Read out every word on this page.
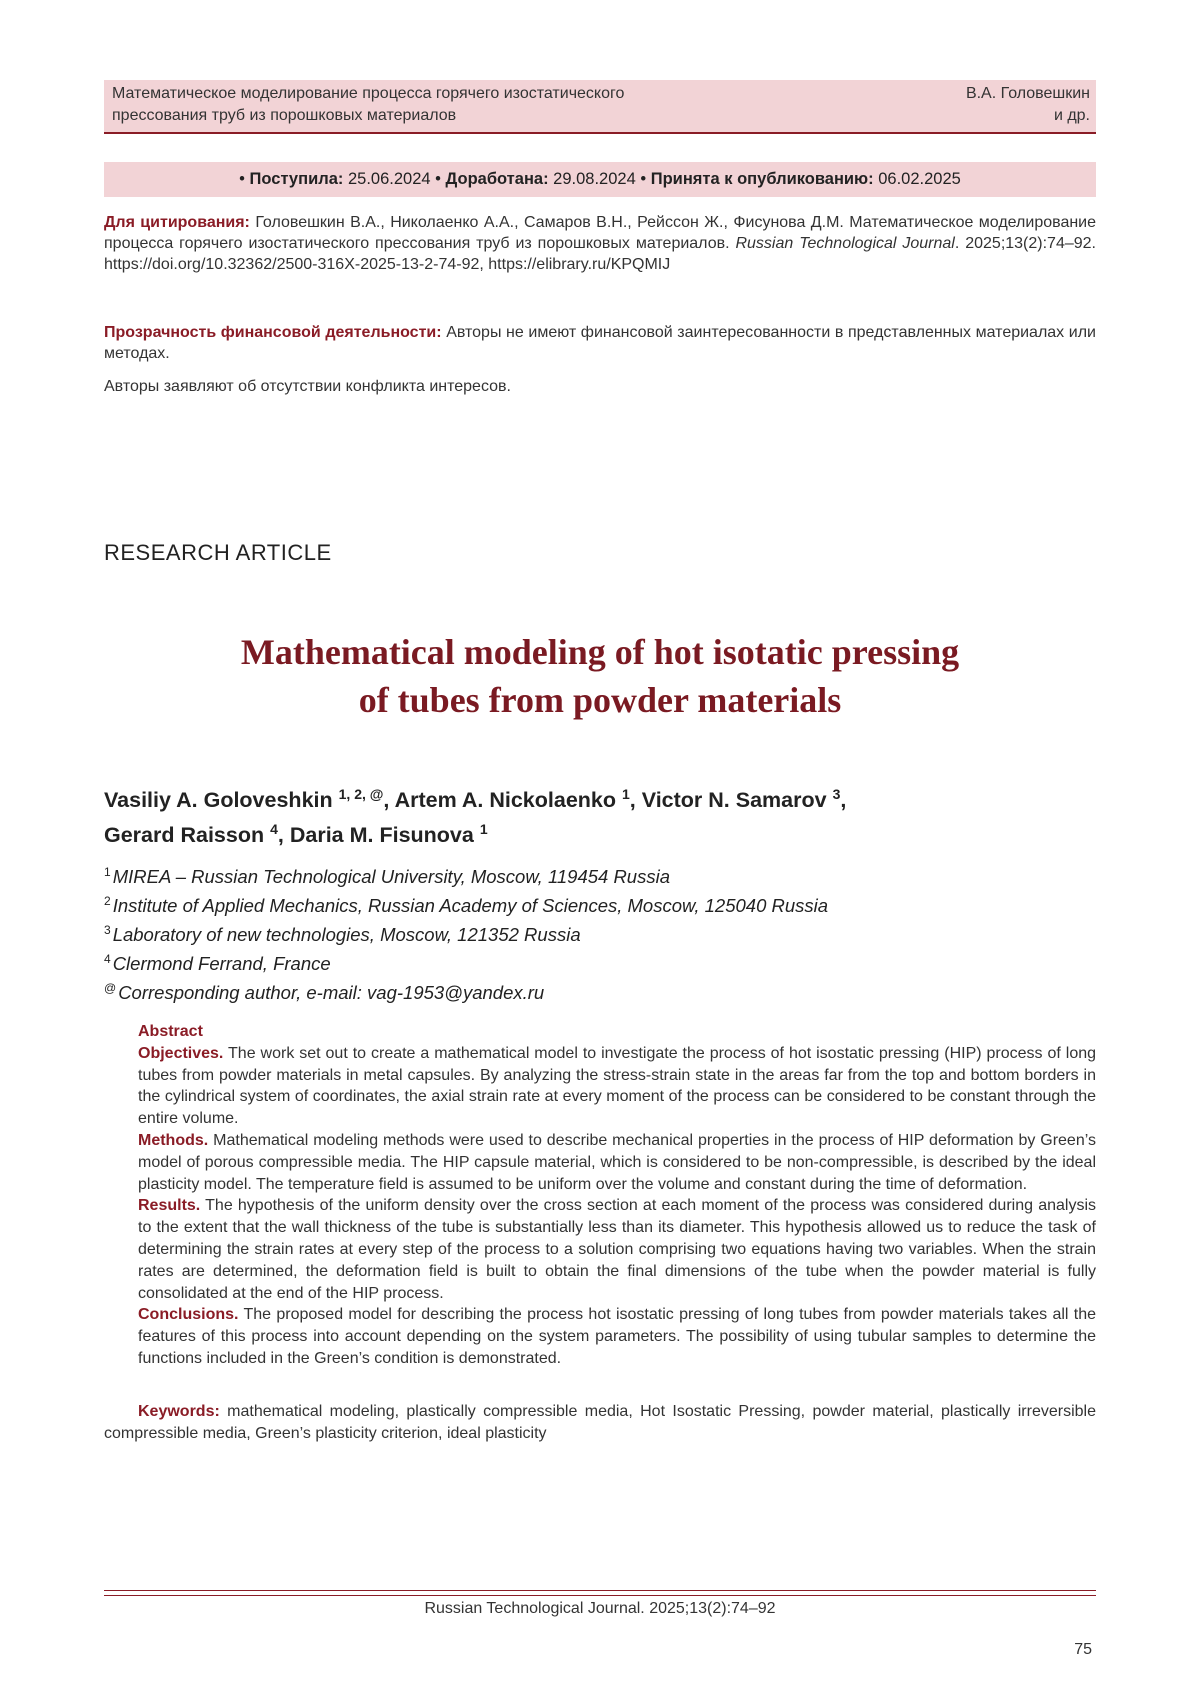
Математическое моделирование процесса горячего изостатического
прессования труб из порошковых материалов
В.А. Головешкин
и др.
•
Поступила:
25.06.2024
•
Доработана:
29.08.2024
•
Принята к опубликованию:
06.02.2025
Для цитирования: Головешкин В.А., Николаенко А.А., Самаров В.Н., Рейссон Ж., Фисунова Д.М. Математическое моделирование процесса горячего изостатического прессования труб из порошковых материалов. Russian Technological Journal. 2025;13(2):74–92. https://doi.org/10.32362/2500-316X-2025-13-2-74-92, https://elibrary.ru/KPQMIJ
Прозрачность финансовой деятельности: Авторы не имеют финансовой заинтересованности в представленных материалах или методах.
Авторы заявляют об отсутствии конфликта интересов.
RESEARCH ARTICLE
Mathematical modeling of hot isotatic pressing
of tubes from powder materials
Vasiliy A. Goloveshkin $^{1, 2, @}$, Artem A. Nickolaenko $^1$, Victor N. Samarov $^3$,
Gerard Raisson $^4$, Daria M. Fisunova $^1$
$^1$ MIREA – Russian Technological University, Moscow, 119454 Russia
$^2$ Institute of Applied Mechanics, Russian Academy of Sciences, Moscow, 125040 Russia
$^3$ Laboratory of new technologies, Moscow, 121352 Russia
$^4$ Clermond Ferrand, France
@ Corresponding author, e-mail: vag-1953@yandex.ru
Abstract
Objectives. The work set out to create a mathematical model to investigate the process of hot isostatic pressing (HIP) process of long tubes from powder materials in metal capsules. By analyzing the stress-strain state in the areas far from the top and bottom borders in the cylindrical system of coordinates, the axial strain rate at every moment of the process can be considered to be constant through the entire volume.
Methods. Mathematical modeling methods were used to describe mechanical properties in the process of HIP deformation by Green’s model of porous compressible media. The HIP capsule material, which is considered to be non-compressible, is described by the ideal plasticity model. The temperature field is assumed to be uniform over the volume and constant during the time of deformation.
Results. The hypothesis of the uniform density over the cross section at each moment of the process was considered during analysis to the extent that the wall thickness of the tube is substantially less than its diameter. This hypothesis allowed us to reduce the task of determining the strain rates at every step of the process to a solution comprising two equations having two variables. When the strain rates are determined, the deformation field is built to obtain the final dimensions of the tube when the powder material is fully consolidated at the end of the HIP process.
Conclusions. The proposed model for describing the process hot isostatic pressing of long tubes from powder materials takes all the features of this process into account depending on the system parameters. The possibility of using tubular samples to determine the functions included in the Green’s condition is demonstrated.
Keywords: mathematical modeling, plastically compressible media, Hot Isostatic Pressing, powder material, plastically irreversible compressible media, Green’s plasticity criterion, ideal plasticity
Russian Technological Journal. 2025;13(2):74–92
75
